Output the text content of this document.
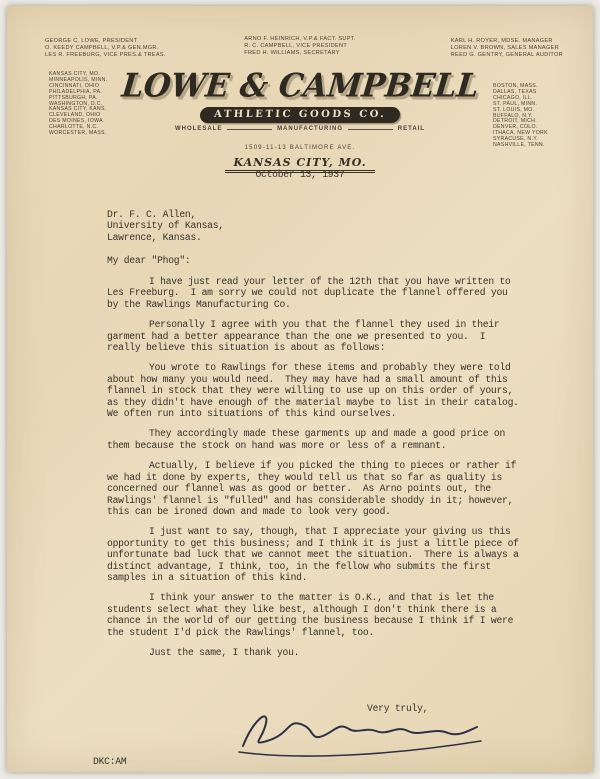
GEORGE C. LOWE, PRESIDENT
O. KEEDY CAMPBELL, V.P.& GEN.MGR.
LES R. FREEBURG, VICE PRES.& TREAS.
ARNO F. HEINRICH, V.P.& FACT. SUPT.
R. C. CAMPBELL, VICE PRESIDENT
FRED H. WILLIAMS, SECRETARY
KARL H. ROYER, MDSE. MANAGER
LOREN V. BROWN, SALES MANAGER
REED G. GENTRY, GENERAL AUDITOR
KANSAS CITY, MO.
MINNEAPOLIS, MINN.
CINCINNATI, OHIO
PHILADELPHIA, PA.
PITTSBURGH, PA.
WASHINGTON, D.C.
KANSAS CITY, KANS.
CLEVELAND, OHIO
DES MOINES, IOWA
CHARLOTTE, N.C.
WORCESTER, MASS.
BOSTON, MASS.
DALLAS, TEXAS
CHICAGO, ILL.
ST. PAUL, MINN.
ST. LOUIS, MO.
BUFFALO, N.Y.
DETROIT, MICH.
DENVER, COLO.
ITHACA, NEW YORK
SYRACUSE, N.Y.
NASHVILLE, TENN.
LOWE & CAMPBELL
ATHLETIC GOODS CO.
WHOLESALE	MANUFACTURING	RETAIL
1509-11-13 BALTIMORE AVE.
KANSAS CITY, MO.
October 13, 1937
Dr. F. C. Allen,
University of Kansas,
Lawrence, Kansas.
My dear "Phog":
I have just read your letter of the 12th that you have written to Les Freeburg.  I am sorry we could not duplicate the flannel offered you by the Rawlings Manufacturing Co.
Personally I agree with you that the flannel they used in their garment had a better appearance than the one we presented to you.  I really believe this situation is about as follows:
You wrote to Rawlings for these items and probably they were told about how many you would need.  They may have had a small amount of this flannel in stock that they were willing to use up on this order of yours, as they didn't have enough of the material maybe to list in their catalog.  We often run into situations of this kind ourselves.
They accordingly made these garments up and made a good price on them because the stock on hand was more or less of a remnant.
Actually, I believe if you picked the thing to pieces or rather if we had it done by experts, they would tell us that so far as quality is concerned our flannel was as good or better.  As Arno points out, the Rawlings' flannel is "fulled" and has considerable shoddy in it; however, this can be ironed down and made to look very good.
I just want to say, though, that I appreciate your giving us this opportunity to get this business; and I think it is just a little piece of unfortunate bad luck that we cannot meet the situation.  There is always a distinct advantage, I think, too, in the fellow who submits the first samples in a situation of this kind.
I think your answer to the matter is O.K., and that is let the students select what they like best, although I don't think there is a chance in the world of our getting the business because I think if I were the student I'd pick the Rawlings' flannel, too.
Just the same, I thank you.
Very truly,
DKC:AM
